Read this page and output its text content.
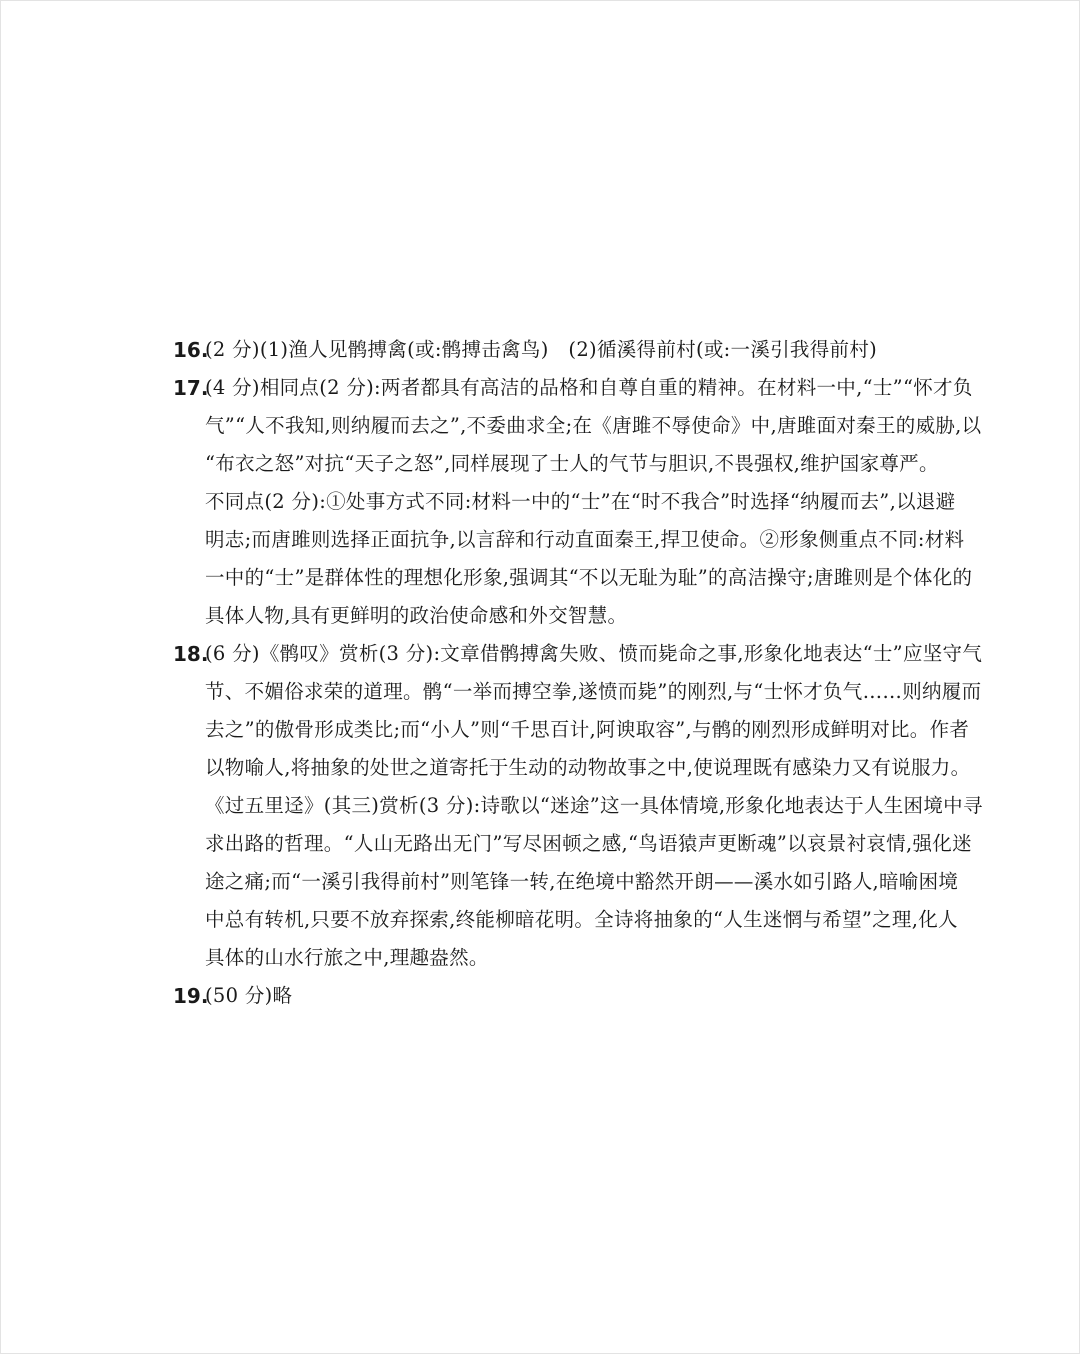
16.
(2 分)(1)渔人见鹘搏禽(或:鹘搏击禽鸟)　(2)循溪得前村(或:一溪引我得前村)
17.
(4 分)相同点(2 分):两者都具有高洁的品格和自尊自重的精神。在材料一中,“士”“怀才负
气”“人不我知,则纳履而去之”,不委曲求全;在《唐雎不辱使命》中,唐雎面对秦王的威胁,以
“布衣之怒”对抗“天子之怒”,同样展现了士人的气节与胆识,不畏强权,维护国家尊严。
不同点(2 分):①处事方式不同:材料一中的“士”在“时不我合”时选择“纳履而去”,以退避
明志;而唐雎则选择正面抗争,以言辞和行动直面秦王,捍卫使命。②形象侧重点不同:材料
一中的“士”是群体性的理想化形象,强调其“不以无耻为耻”的高洁操守;唐雎则是个体化的
具体人物,具有更鲜明的政治使命感和外交智慧。
18.
(6 分)《鹘叹》赏析(3 分):文章借鹘搏禽失败、愤而毙命之事,形象化地表达“士”应坚守气
节、不媚俗求荣的道理。鹘“一举而搏空拳,遂愤而毙”的刚烈,与“士怀才负气……则纳履而
去之”的傲骨形成类比;而“小人”则“千思百计,阿谀取容”,与鹘的刚烈形成鲜明对比。作者
以物喻人,将抽象的处世之道寄托于生动的动物故事之中,使说理既有感染力又有说服力。
《过五里迳》(其三)赏析(3 分):诗歌以“迷途”这一具体情境,形象化地表达于人生困境中寻
求出路的哲理。“人山无路出无门”写尽困顿之感,“鸟语猿声更断魂”以哀景衬哀情,强化迷
途之痛;而“一溪引我得前村”则笔锋一转,在绝境中豁然开朗——溪水如引路人,暗喻困境
中总有转机,只要不放弃探索,终能柳暗花明。全诗将抽象的“人生迷惘与希望”之理,化人
具体的山水行旅之中,理趣盎然。
19.
(50 分)略
